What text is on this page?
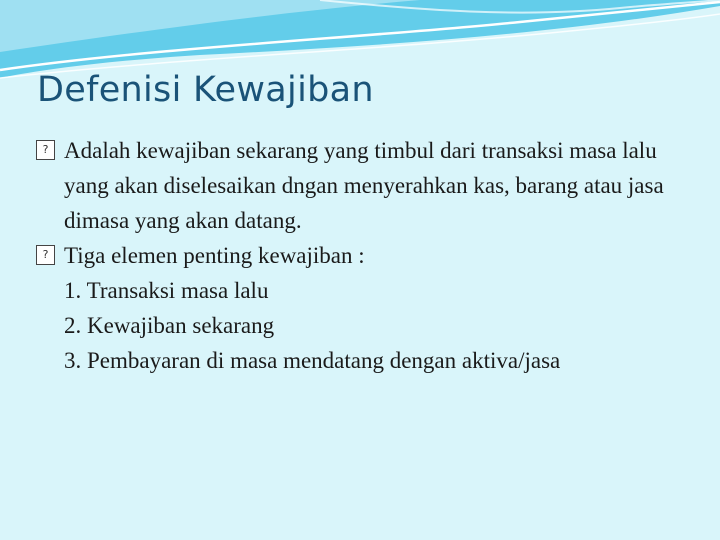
Defenisi Kewajiban
? Adalah kewajiban sekarang yang timbul dari transaksi masa lalu yang akan diselesaikan dngan menyerahkan kas, barang atau jasa dimasa yang akan datang.
? Tiga elemen penting kewajiban :
1. Transaksi masa lalu
2. Kewajiban sekarang
3. Pembayaran di masa mendatang dengan aktiva/jasa
